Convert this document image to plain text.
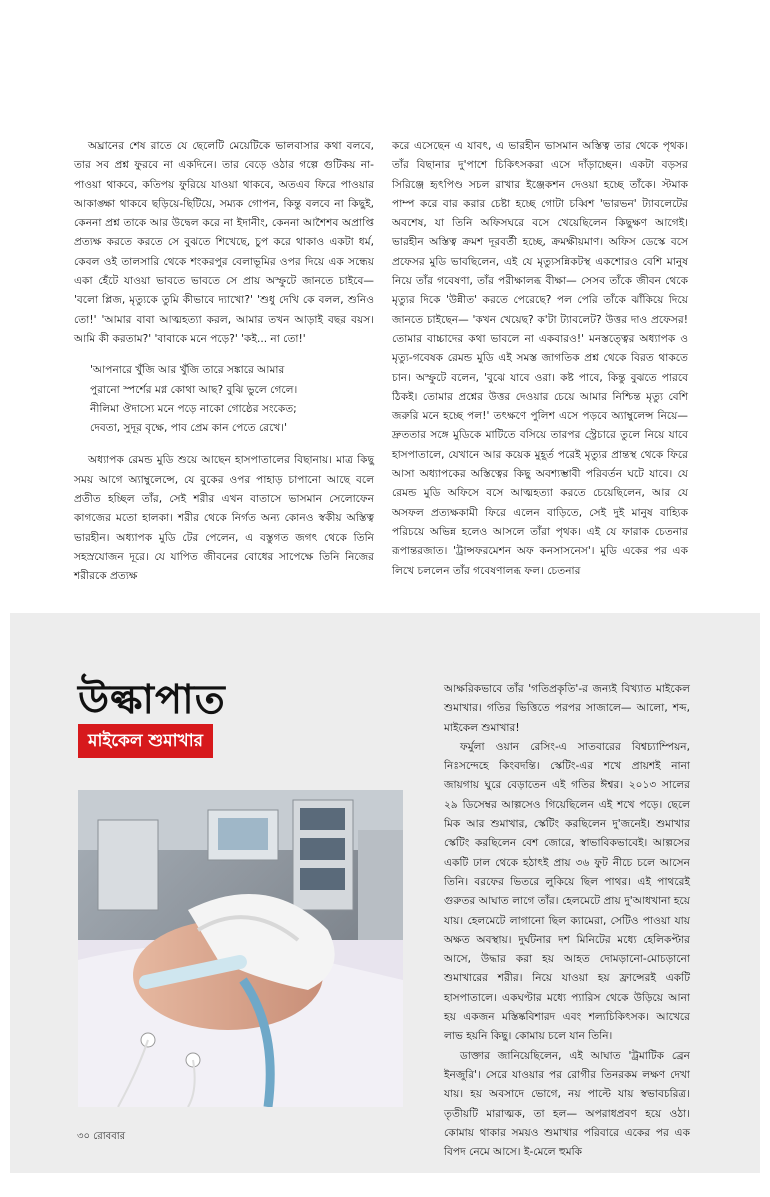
অঘ্রানের শেষ রাতে যে ছেলেটি মেয়েটিকে ভালবাসার কথা বলবে, তার সব প্রশ্ন ফুরবে না একদিনে। তার বেড়ে ওঠার গল্পে গুটিকয় না-পাওয়া থাকবে, কতিপয় ফুরিয়ে যাওয়া থাকবে, অতএব ফিরে পাওয়ার আকাঙ্ক্ষা থাকবে ছড়িয়ে-ছিটিয়ে, সম্যক গোপন, কিন্তু বলবে না কিছুই, কেননা প্রশ্ন তাকে আর উদ্বেল করে না ইদানীং, কেননা আশৈশব অপ্রাপ্তি প্রত্যক্ষ করতে করতে সে বুঝতে শিখেছে, চুপ করে থাকাও একটা ধর্ম, কেবল ওই তালসারি থেকে শংকরপুর বেলাভূমির ওপর দিয়ে এক সন্ধেয় একা হেঁটে যাওয়া ভাবতে ভাবতে সে প্রায় অস্ফুটে জানতে চাইবে— 'বলো প্লিজ, মৃত্যুকে তুমি কীভাবে দ্যাখো?' 'শুধু দেখি কে বলল, শুনিও তো!' 'আমার বাবা আত্মহত্যা করল, আমার তখন আড়াই বছর বয়স। আমি কী করতাম?' 'বাবাকে মনে পড়ে?' 'কই... না তো!'

'আপনারে খুঁজি আর খুঁজি তারে সঙ্কারে আমার
পুরানো স্পর্শের মগ্ন কোথা আছ? বুঝি ভুলে গেলে।
নীলিমা ঔদাস্যে মনে পড়ে নাকো গোষ্ঠের সংকেত;
দেবতা, সুদূর বৃক্ষে, পাব প্রেম কান পেতে রেখে।'

অধ্যাপক রেমন্ড মুডি শুয়ে আছেন হাসপাতালের বিছানায়। মাত্র কিছু সময় আগে অ্যাম্বুলেন্সে, যে বুকের ওপর পাহাড় চাপানো আছে বলে প্রতীত হচ্ছিল তাঁর, সেই শরীর এখন বাতাসে ভাসমান সেলোফেন কাগজের মতো হালকা। শরীর থেকে নির্গত অন্য কোনও স্বকীয় অস্তিত্ব ভারহীন। অধ্যাপক মুডি টের পেলেন, এ বস্তুগত জগৎ থেকে তিনি সহস্রযোজন দূরে। যে যাপিত জীবনের বোধের সাপেক্ষে তিনি নিজের শরীরকে প্রত্যক্ষ

করে এসেছেন এ যাবৎ, এ ভারহীন ভাসমান অস্তিত্ব তার থেকে পৃথক। তাঁর বিছানার দু'পাশে চিকিৎসকরা এসে দাঁড়াচ্ছেন। একটা বড়সর সিরিঞ্জে হৃৎপিণ্ড সচল রাখার ইঞ্জেকশন দেওয়া হচ্ছে তাঁকে। স্টমাক পাম্প করে বার করার চেষ্টা হচ্ছে গোটা চব্বিশ 'ভারভন' ট্যাবলেটের অবশেষ, যা তিনি অফিসঘরে বসে খেয়েছিলেন কিছুক্ষণ আগেই। ভারহীন অস্তিত্ব ক্রমশ দূরবর্তী হচ্ছে, ক্রমক্ষীয়মাণ। অফিস ডেস্কে বসে প্রফেসর মুডি ভাবছিলেন, এই যে মৃত্যুসন্নিকটস্থ একশোরও বেশি মানুষ নিয়ে তাঁর গবেষণা, তাঁর পরীক্ষালব্ধ বীক্ষা— সেসব তাঁকে জীবন থেকে মৃত্যুর দিকে 'উন্নীত' করতে পেরেছে? পল পেরি তাঁকে ঝাঁকিয়ে দিয়ে জানতে চাইছেন— 'কখন খেয়েছ? ক'টা ট্যাবলেট? উত্তর দাও প্রফেসর! তোমার বাচ্চাদের কথা ভাবলে না একবারও!' মনস্তত্ত্বের অধ্যাপক ও মৃত্যু-গবেষক রেমন্ড মুডি এই সমস্ত জাগতিক প্রশ্ন থেকে বিরত থাকতে চান। অস্ফুটে বলেন, 'বুঝে যাবে ওরা। কষ্ট পাবে, কিন্তু বুঝতে পারবে ঠিকই। তোমার প্রশ্নের উত্তর দেওয়ার চেয়ে আমার নিশ্চিন্ত মৃত্যু বেশি জরুরি মনে হচ্ছে পল!' তৎক্ষণে পুলিশ এসে পড়বে অ্যাম্বুলেন্স নিয়ে— দ্রুততার সঙ্গে মুডিকে মাটিতে বসিয়ে তারপর স্ট্রেচারে তুলে নিয়ে যাবে হাসপাতালে, যেখানে আর কয়েক মুহূর্ত পরেই মৃত্যুর প্রান্তস্থ থেকে ফিরে আসা অধ্যাপকের অস্তিত্বের কিছু অবশ্যম্ভাবী পরিবর্তন ঘটে যাবে। যে রেমন্ড মুডি অফিসে বসে আত্মহত্যা করতে চেয়েছিলেন, আর যে অসফল প্রত্যক্ষকামী ফিরে এলেন বাড়িতে, সেই দুই মানুষ বাহ্যিক পরিচয়ে অভিন্ন হলেও আসলে তাঁরা পৃথক। এই যে ফারাক চেতনার রূপান্তরজাত। 'ট্রান্সফরমেশন অফ কনসাসনেস'। মুডি একের পর এক লিখে চললেন তাঁর গবেষণালব্ধ ফল। চেতনার

উল্কাপাত
মাইকেল শুমাখার

আক্ষরিকভাবে তাঁর 'গতিপ্রকৃতি'-র জন্যই বিখ্যাত মাইকেল শুমাখার। গতির ভিত্তিতে পরপর সাজালে— আলো, শব্দ, মাইকেল শুমাখার!

ফর্মুলা ওয়ান রেসিং-এ সাতবারের বিশ্বচ্যাম্পিয়ন, নিঃসন্দেহে কিংবদন্তি। স্কেটিং-এর শখে প্রায়শই নানা জায়গায় ঘুরে বেড়াতেন এই গতির ঈশ্বর। ২০১৩ সালের ২৯ ডিসেম্বর আল্পসেও গিয়েছিলেন এই শখে পড়ে। ছেলে মিক আর শুমাখার, স্কেটিং করছিলেন দু'জনেই। শুমাখার স্কেটিং করছিলেন বেশ জোরে, স্বাভাবিকভাবেই। আল্পসের একটি ঢাল থেকে হঠাৎই প্রায় ৩৬ ফুট নীচে চলে আসেন তিনি। বরফের ভিতরে লুকিয়ে ছিল পাথর। এই পাথরেই গুরুতর আঘাত লাগে তাঁর। হেলমেটে প্রায় দু'আধখানা হয়ে যায়। হেলমেটে লাগানো ছিল ক্যামেরা, সেটিও পাওয়া যায় অক্ষত অবস্থায়। দুর্ঘটনার দশ মিনিটের মধ্যে হেলিকপ্টার আসে, উদ্ধার করা হয় আহত দোমড়ানো-মোচড়ানো শুমাখারের শরীর। নিয়ে যাওয়া হয় ফ্রান্সেরই একটি হাসপাতালে। একঘণ্টার মধ্যে প্যারিস থেকে উড়িয়ে আনা হয় একজন মস্তিষ্কবিশারদ এবং শল্যচিকিৎসক। আখেরে লাভ হয়নি কিছু। কোমায় চলে যান তিনি।

ডাক্তার জানিয়েছিলেন, এই আঘাত 'ট্রমাটিক ব্রেন ইনজুরি'। সেরে যাওয়ার পর রোগীর তিনরকম লক্ষণ দেখা যায়। হয় অবসাদে ভোগে, নয় পাল্টে যায় স্বভাবচরিত্র। তৃতীয়টি মারাত্মক, তা হল— অপরাধপ্রবণ হয়ে ওঠা। কোমায় থাকার সময়ও শুমাখার পরিবারে একের পর এক বিপদ নেমে আসে। ই-মেলে হুমকি

৩০ রোববার
